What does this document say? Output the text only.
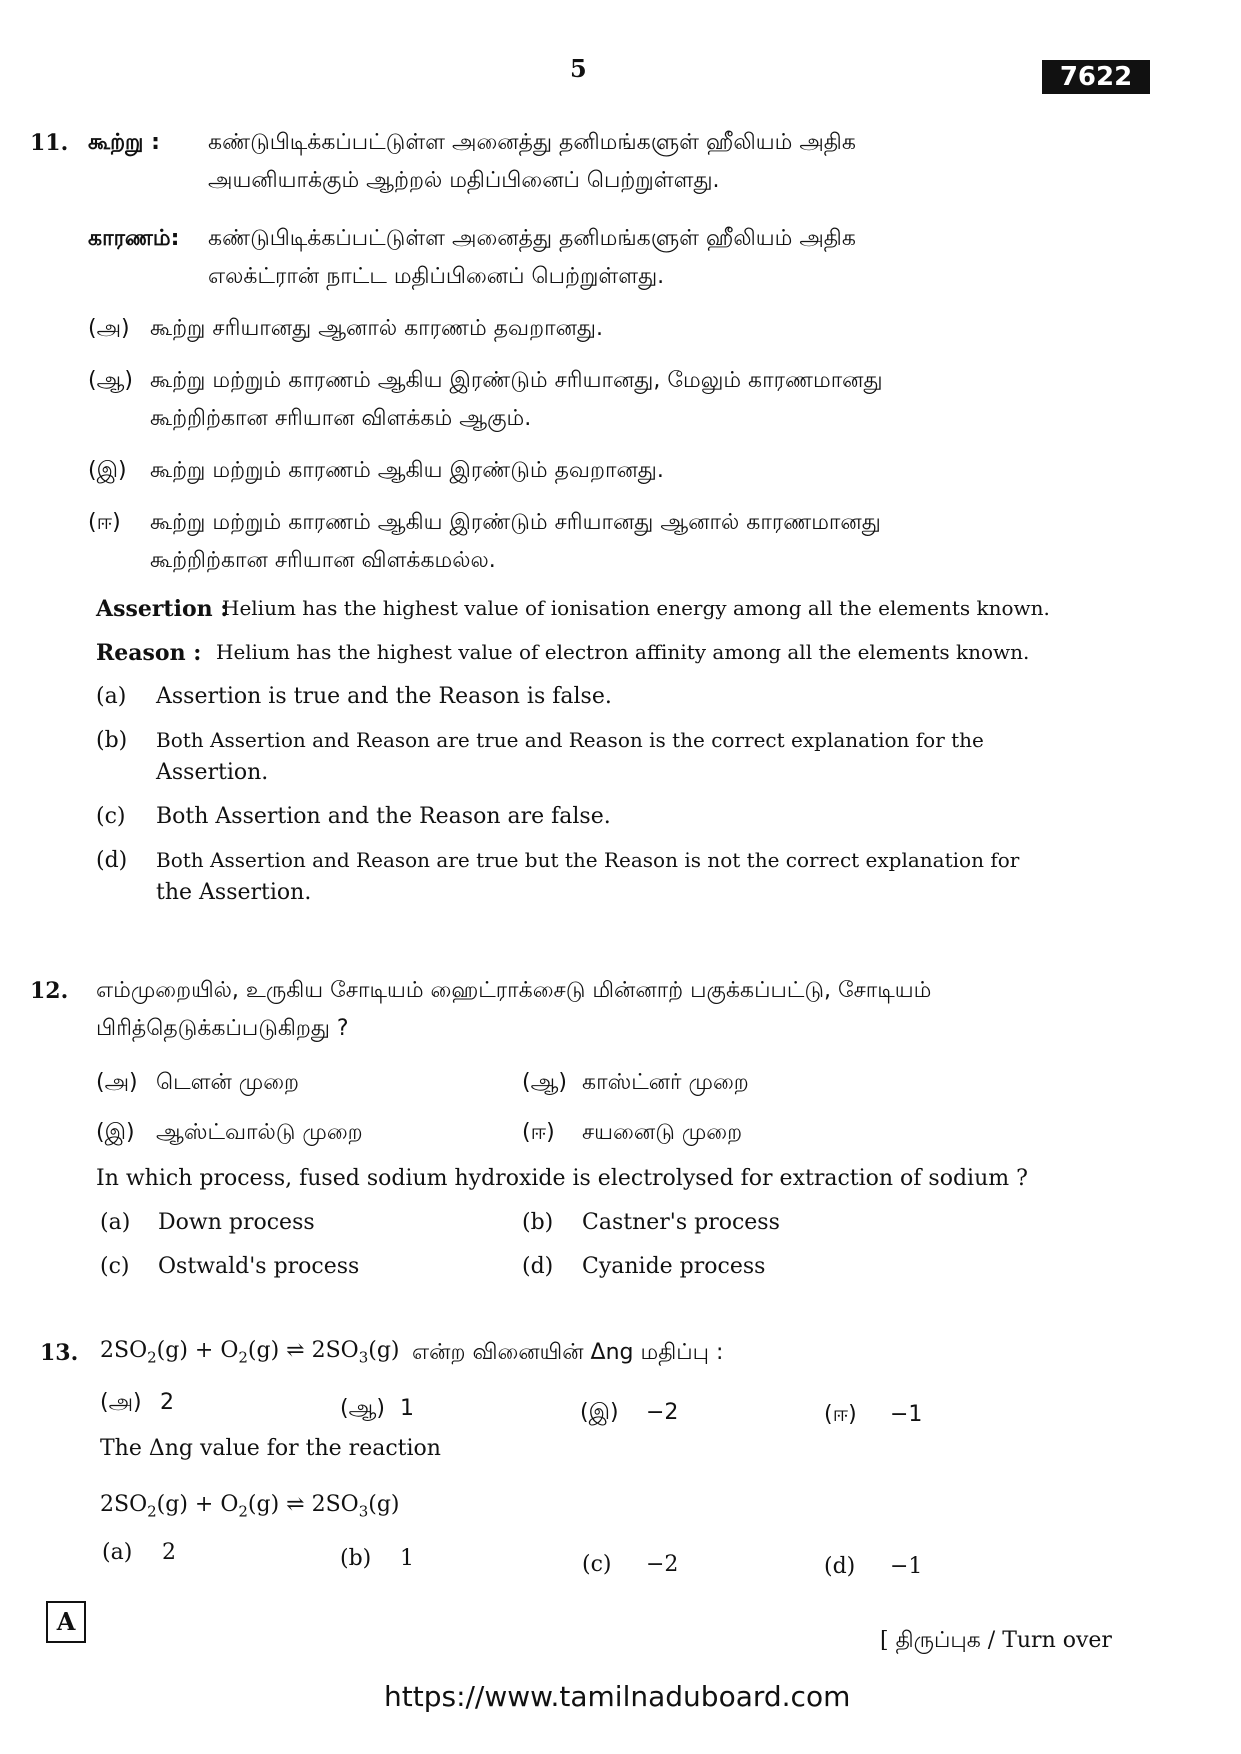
5	7622
11. கூற்று : கண்டுபிடிக்கப்பட்டுள்ள அனைத்து தனிமங்களுள் ஹீலியம் அதிக
அயனியாக்கும் ஆற்றல் மதிப்பினைப் பெற்றுள்ளது.
காரணம்: கண்டுபிடிக்கப்பட்டுள்ள அனைத்து தனிமங்களுள் ஹீலியம் அதிக
எலக்ட்ரான் நாட்ட மதிப்பினைப் பெற்றுள்ளது.
(அ) கூற்று சரியானது ஆனால் காரணம் தவறானது.
(ஆ) கூற்று மற்றும் காரணம் ஆகிய இரண்டும் சரியானது, மேலும் காரணமானது
கூற்றிற்கான சரியான விளக்கம் ஆகும்.
(இ) கூற்று மற்றும் காரணம் ஆகிய இரண்டும் தவறானது.
(ஈ) கூற்று மற்றும் காரணம் ஆகிய இரண்டும் சரியானது ஆனால் காரணமானது
கூற்றிற்கான சரியான விளக்கமல்ல.
Assertion :
Helium has the highest value of ionisation energy among all the elements known.
Reason : Helium has the highest value of electron affinity among all the elements known.
(a) Assertion is true and the Reason is false.
(b) Both Assertion and Reason are true and Reason is the correct explanation for the
Assertion.
(c) Both Assertion and the Reason are false.
(d) Both Assertion and Reason are true but the Reason is not the correct explanation for
the Assertion.
12. எம்முறையில், உருகிய சோடியம் ஹைட்ராக்சைடு மின்னாற் பகுக்கப்பட்டு, சோடியம்
பிரித்தெடுக்கப்படுகிறது ?
(அ) டௌன் முறை	(ஆ) காஸ்ட்னர் முறை
(இ) ஆஸ்ட்வால்டு முறை	(ஈ) சயனைடு முறை
In which process, fused sodium hydroxide is electrolysed for extraction of sodium ?
(a) Down process	(b) Castner's process
(c) Ostwald's process	(d) Cyanide process
13. $2SO_2(g) + O_2(g)$ ⇌ $2SO_3(g)$ என்ற வினையின் Δng மதிப்பு :
(அ) 2	(ஆ) 1	(இ) −2	(ஈ) −1
The Δng value for the reaction
$2SO_2(g) + O_2(g)$ ⇌ $2SO_3(g)$
(a) 2	(b) 1	(c) −2	(d) −1
A
[ திருப்புக / Turn over
https://www.tamilnaduboard.com
